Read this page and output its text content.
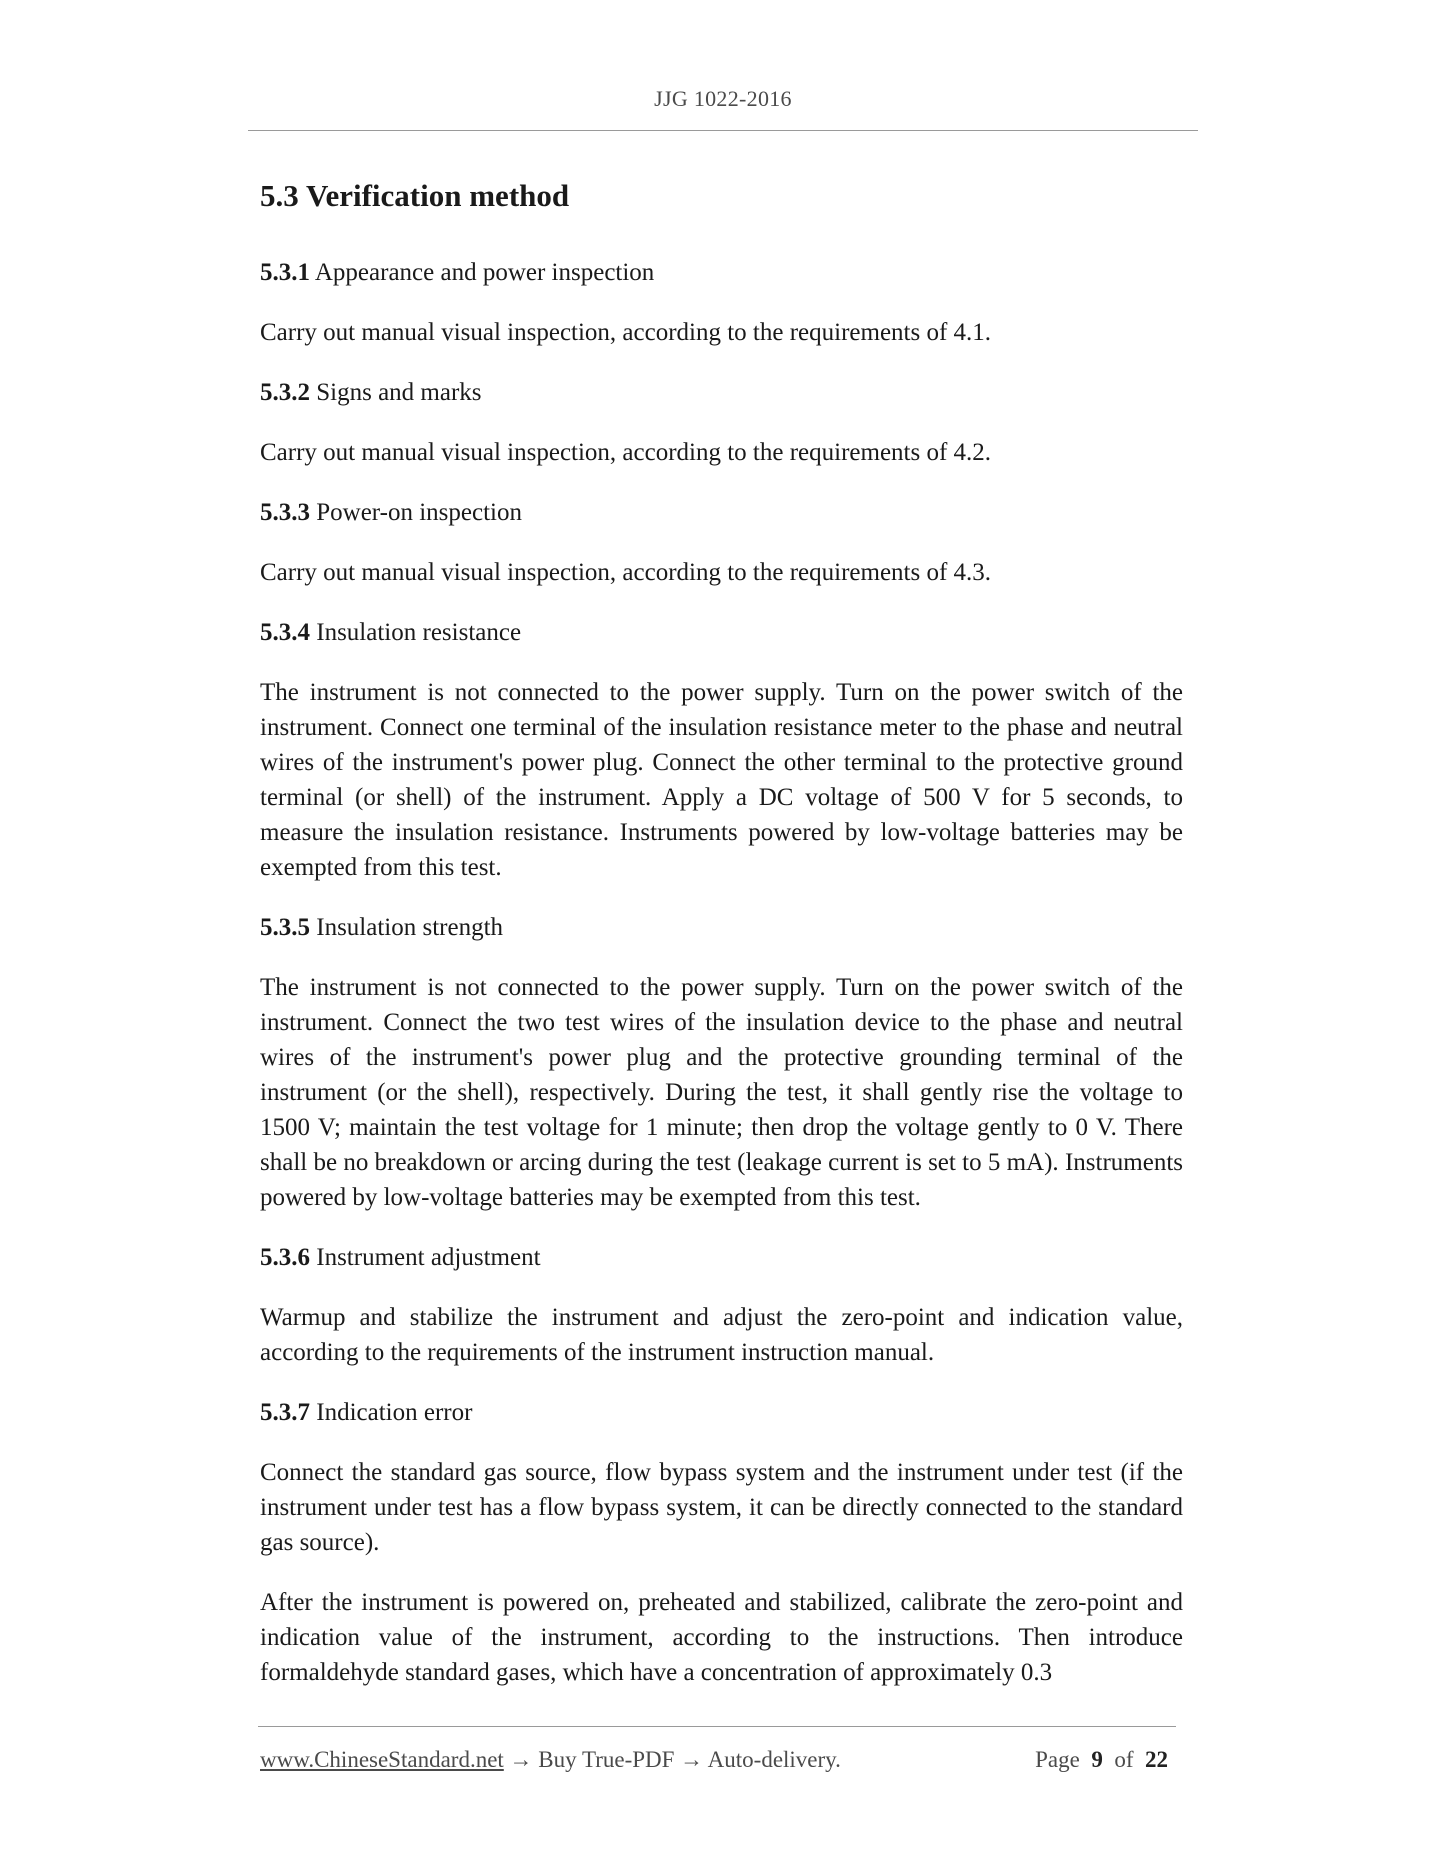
JJG 1022-2016
5.3 Verification method
5.3.1 Appearance and power inspection

Carry out manual visual inspection, according to the requirements of 4.1.

5.3.2 Signs and marks

Carry out manual visual inspection, according to the requirements of 4.2.

5.3.3 Power-on inspection

Carry out manual visual inspection, according to the requirements of 4.3.

5.3.4 Insulation resistance

The instrument is not connected to the power supply. Turn on the power switch of the instrument. Connect one terminal of the insulation resistance meter to the phase and neutral wires of the instrument's power plug. Connect the other terminal to the protective ground terminal (or shell) of the instrument. Apply a DC voltage of 500 V for 5 seconds, to measure the insulation resistance. Instruments powered by low-voltage batteries may be exempted from this test.

5.3.5 Insulation strength

The instrument is not connected to the power supply. Turn on the power switch of the instrument. Connect the two test wires of the insulation device to the phase and neutral wires of the instrument's power plug and the protective grounding terminal of the instrument (or the shell), respectively. During the test, it shall gently rise the voltage to 1500 V; maintain the test voltage for 1 minute; then drop the voltage gently to 0 V. There shall be no breakdown or arcing during the test (leakage current is set to 5 mA). Instruments powered by low-voltage batteries may be exempted from this test.

5.3.6 Instrument adjustment

Warmup and stabilize the instrument and adjust the zero-point and indication value, according to the requirements of the instrument instruction manual.

5.3.7 Indication error

Connect the standard gas source, flow bypass system and the instrument under test (if the instrument under test has a flow bypass system, it can be directly connected to the standard gas source).

After the instrument is powered on, preheated and stabilized, calibrate the zero-point and indication value of the instrument, according to the instructions. Then introduce formaldehyde standard gases, which have a concentration of approximately 0.3

www.ChineseStandard.net → Buy True-PDF → Auto-delivery.	Page 9 of 22
